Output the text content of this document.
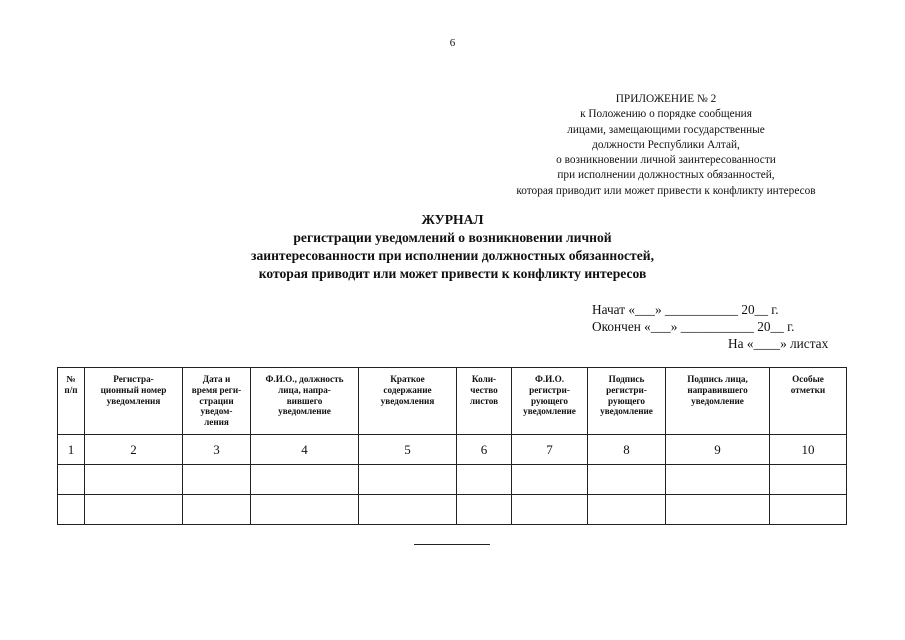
6
ПРИЛОЖЕНИЕ № 2
к Положению о порядке сообщения
лицами, замещающими государственные
должности Республики Алтай,
о возникновении личной заинтересованности
при исполнении должностных обязанностей,
которая приводит или может привести к конфликту интересов
ЖУРНАЛ
регистрации уведомлений о возникновении личной
заинтересованности при исполнении должностных обязанностей,
которая приводит или может привести к конфликту интересов
Начат «___» ___________ 20__ г.
Окончен «___» ___________ 20__ г.
На «____» листах
№
п/п	Регистра-
ционный номер
уведомления	Дата и
время реги-
страции
уведом-
ления	Ф.И.О., должность
лица, напра-
вившего
уведомление	Краткое
содержание
уведомления	Коли-
чество
листов	Ф.И.О.
регистри-
рующего
уведомление	Подпись
регистри-
рующего
уведомление	Подпись лица,
направившего
уведомление	Особые
отметки

1	2	3	4	5	6	7	8	9	10
